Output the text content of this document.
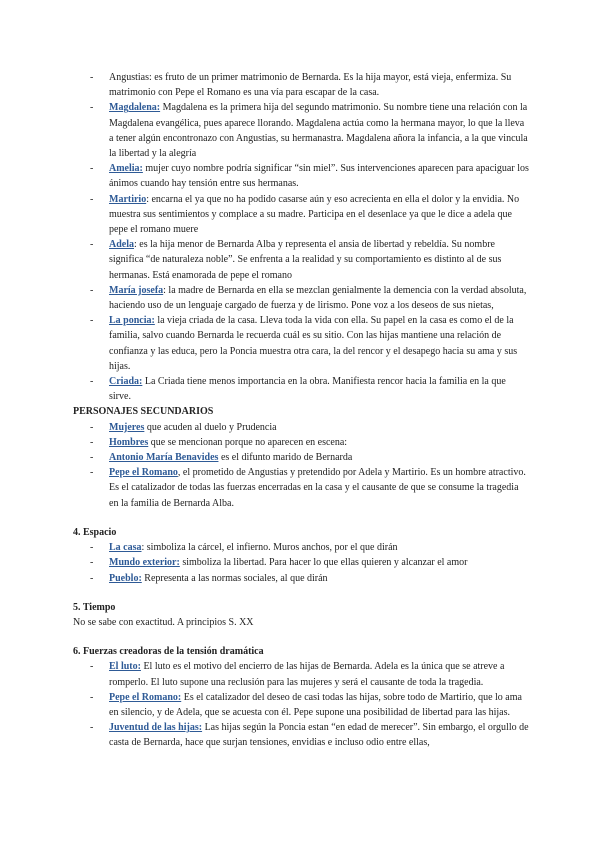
- Angustias: es fruto de un primer matrimonio de Bernarda. Es la hija mayor, está vieja, enfermiza. Su matrimonio con Pepe el Romano es una vía para escapar de la casa.
- Magdalena: Magdalena es la primera hija del segundo matrimonio. Su nombre tiene una relación con la Magdalena evangélica, pues aparece llorando. Magdalena actúa como la hermana mayor, lo que la lleva a tener algún encontronazo con Angustias, su hermanastra. Magdalena añora la infancia, a la que vincula la libertad y la alegría
- Amelia: mujer cuyo nombre podría significar “sin miel”. Sus intervenciones aparecen para apaciguar los ánimos cuando hay tensión entre sus hermanas.
- Martirio: encarna el ya que no ha podido casarse aún y eso acrecienta en ella el dolor y la envidia. No muestra sus sentimientos y complace a su madre. Participa en el desenlace ya que le dice a adela que pepe el romano muere
- Adela: es la hija menor de Bernarda Alba y representa el ansia de libertad y rebeldía. Su nombre significa “de naturaleza noble”. Se enfrenta a la realidad y su comportamiento es distinto al de sus hermanas. Está enamorada de pepe el romano
- María josefa: la madre de Bernarda en ella se mezclan genialmente la demencia con la verdad absoluta, haciendo uso de un lenguaje cargado de fuerza y de lirismo. Pone voz a los deseos de sus nietas,
- La poncia: la vieja criada de la casa. Lleva toda la vida con ella. Su papel en la casa es como el de la familia, salvo cuando Bernarda le recuerda cuál es su sitio. Con las hijas mantiene una relación de confianza y las educa, pero la Poncia muestra otra cara, la del rencor y el desapego hacia su ama y sus hijas.
- Criada: La Criada tiene menos importancia en la obra. Manifiesta rencor hacia la familia en la que sirve.

PERSONAJES SECUNDARIOS

- Mujeres que acuden al duelo y Prudencia
- Hombres que se mencionan porque no aparecen en escena:
- Antonio María Benavides es el difunto marido de Bernarda
- Pepe el Romano, el prometido de Angustias y pretendido por Adela y Martirio. Es un hombre atractivo. Es el catalizador de todas las fuerzas encerradas en la casa y el causante de que se consume la tragedia en la familia de Bernarda Alba.

4. Espacio

- La casa: simboliza la cárcel, el infierno. Muros anchos, por el que dirán
- Mundo exterior: simboliza la libertad. Para hacer lo que ellas quieren y alcanzar el amor
- Pueblo: Representa a las normas sociales, al que dirán

5. Tiempo

No se sabe con exactitud. A principios S. XX

6. Fuerzas creadoras de la tensión dramática

- El luto: El luto es el motivo del encierro de las hijas de Bernarda. Adela es la única que se atreve a romperlo. El luto supone una reclusión para las mujeres y será el causante de toda la tragedia.
- Pepe el Romano: Es el catalizador del deseo de casi todas las hijas, sobre todo de Martirio, que lo ama en silencio, y de Adela, que se acuesta con él. Pepe supone una posibilidad de libertad para las hijas.
- Juventud de las hijas: Las hijas según la Poncia estan “en edad de merecer”. Sin embargo, el orgullo de casta de Bernarda, hace que surjan tensiones, envidias e incluso odio entre ellas,
